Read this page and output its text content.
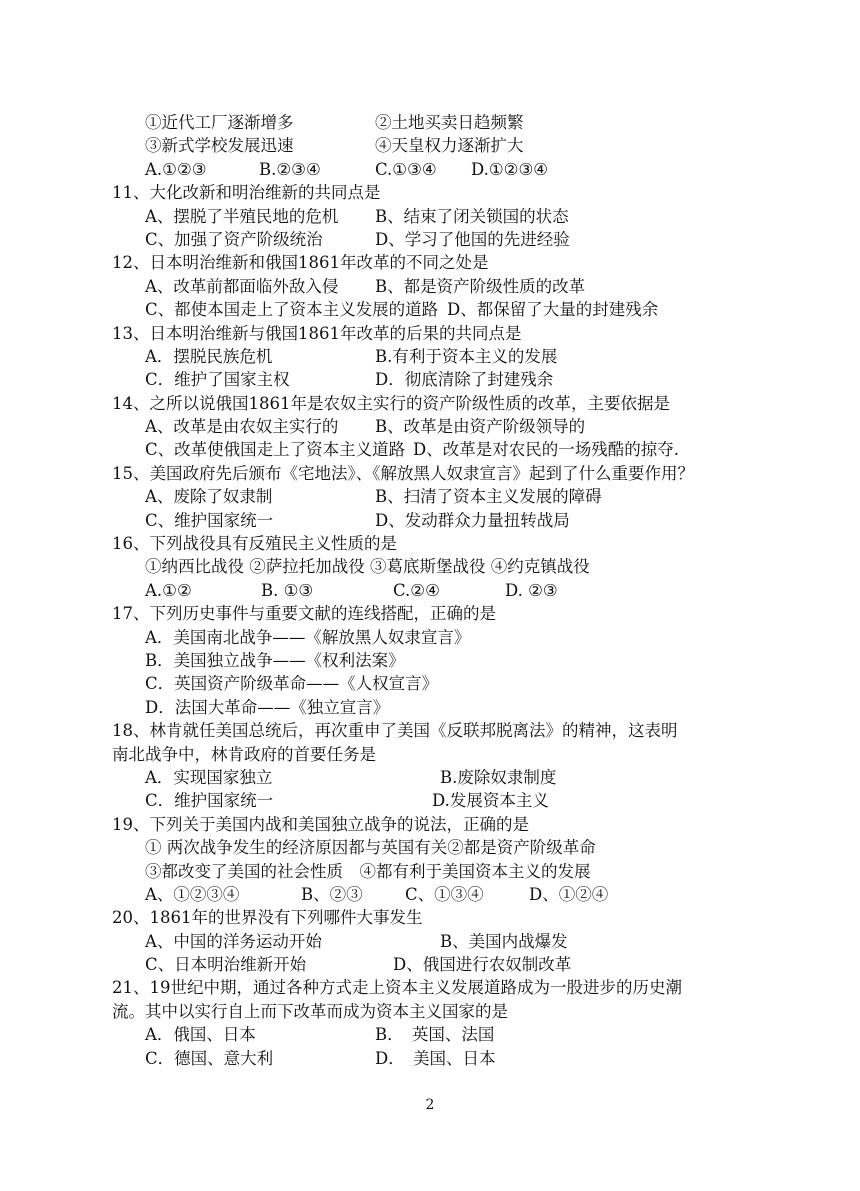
①近代工厂逐渐增多	②土地买卖日趋频繁
③新式学校发展迅速	④天皇权力逐渐扩大
A.①②③	B.②③④	C.①③④ D.①②③④
11、大化改新和明治维新的共同点是
A、摆脱了半殖民地的危机 B、结束了闭关锁国的状态
C、加强了资产阶级统治	D、学习了他国的先进经验
12、日本明治维新和俄国1861年改革的不同之处是
A、改革前都面临外敌入侵 B、都是资产阶级性质的改革
C、都使本国走上了资本主义发展的道路 D、都保留了大量的封建残余
13、日本明治维新与俄国1861年改革的后果的共同点是
A．摆脱民族危机	B.有利于资本主义的发展
C．维护了国家主权	D．彻底清除了封建残余
14、之所以说俄国1861年是农奴主实行的资产阶级性质的改革，主要依据是
A、改革是由农奴主实行的 B、改革是由资产阶级领导的
C、改革使俄国走上了资本主义道路 D、改革是对农民的一场残酷的掠夺.
15、美国政府先后颁布《宅地法》、《解放黑人奴隶宣言》起到了什么重要作用？
A、废除了奴隶制	B、扫清了资本主义发展的障碍
C、维护国家统一	D、发动群众力量扭转战局
16、下列战役具有反殖民主义性质的是
①纳西比战役 ②萨拉托加战役 ③葛底斯堡战役 ④约克镇战役
A.①②	B. ①③	C.②④	D. ②③
17、下列历史事件与重要文献的连线搭配，正确的是
A．美国南北战争——《解放黑人奴隶宣言》
B．美国独立战争——《权利法案》
C．英国资产阶级革命——《人权宣言》
D．法国大革命——《独立宣言》
18、林肯就任美国总统后，再次重申了美国《反联邦脱离法》的精神，这表明
南北战争中，林肯政府的首要任务是
A．实现国家独立	B.废除奴隶制度
C．维护国家统一	D.发展资本主义
19、下列关于美国内战和美国独立战争的说法，正确的是
① 两次战争发生的经济原因都与英国有关②都是资产阶级革命
③都改变了美国的社会性质　④都有利于美国资本主义的发展
A、①②③④	B、②③	C、①③④	D、①②④
20、1861年的世界没有下列哪件大事发生
A、中国的洋务运动开始	B、美国内战爆发
C、日本明治维新开始	D、俄国进行农奴制改革
21、19世纪中期，通过各种方式走上资本主义发展道路成为一股进步的历史潮
流。其中以实行自上而下改革而成为资本主义国家的是
A．俄国、日本	B．　英国、法国
C．德国、意大利	D．　美国、日本
2
